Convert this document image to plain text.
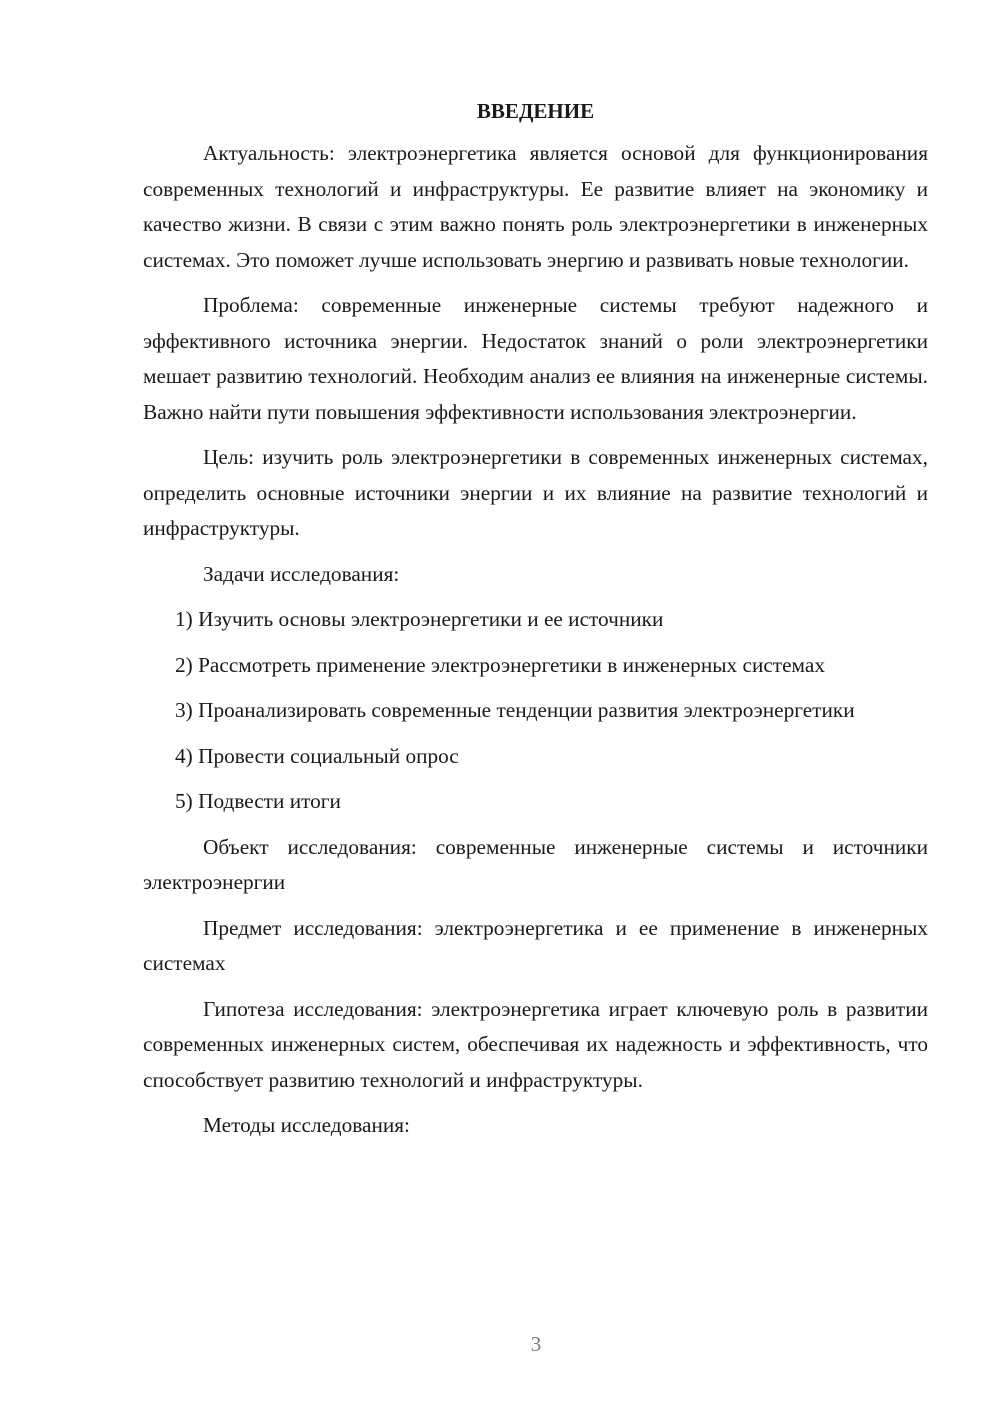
ВВЕДЕНИЕ

Актуальность: электроэнергетика является основой для функционирования современных технологий и инфраструктуры. Ее развитие влияет на экономику и качество жизни. В связи с этим важно понять роль электроэнергетики в инженерных системах. Это поможет лучше использовать энергию и развивать новые технологии.

Проблема: современные инженерные системы требуют надежного и эффективного источника энергии. Недостаток знаний о роли электроэнергетики мешает развитию технологий. Необходим анализ ее влияния на инженерные системы. Важно найти пути повышения эффективности использования электроэнергии.

Цель: изучить роль электроэнергетики в современных инженерных системах, определить основные источники энергии и их влияние на развитие технологий и инфраструктуры.

Задачи исследования:

1) Изучить основы электроэнергетики и ее источники

2) Рассмотреть применение электроэнергетики в инженерных системах

3) Проанализировать современные тенденции развития электроэнергетики

4) Провести социальный опрос

5) Подвести итоги

Объект исследования: современные инженерные системы и источники электроэнергии

Предмет исследования: электроэнергетика и ее применение в инженерных системах

Гипотеза исследования: электроэнергетика играет ключевую роль в развитии современных инженерных систем, обеспечивая их надежность и эффективность, что способствует развитию технологий и инфраструктуры.

Методы исследования:

3
